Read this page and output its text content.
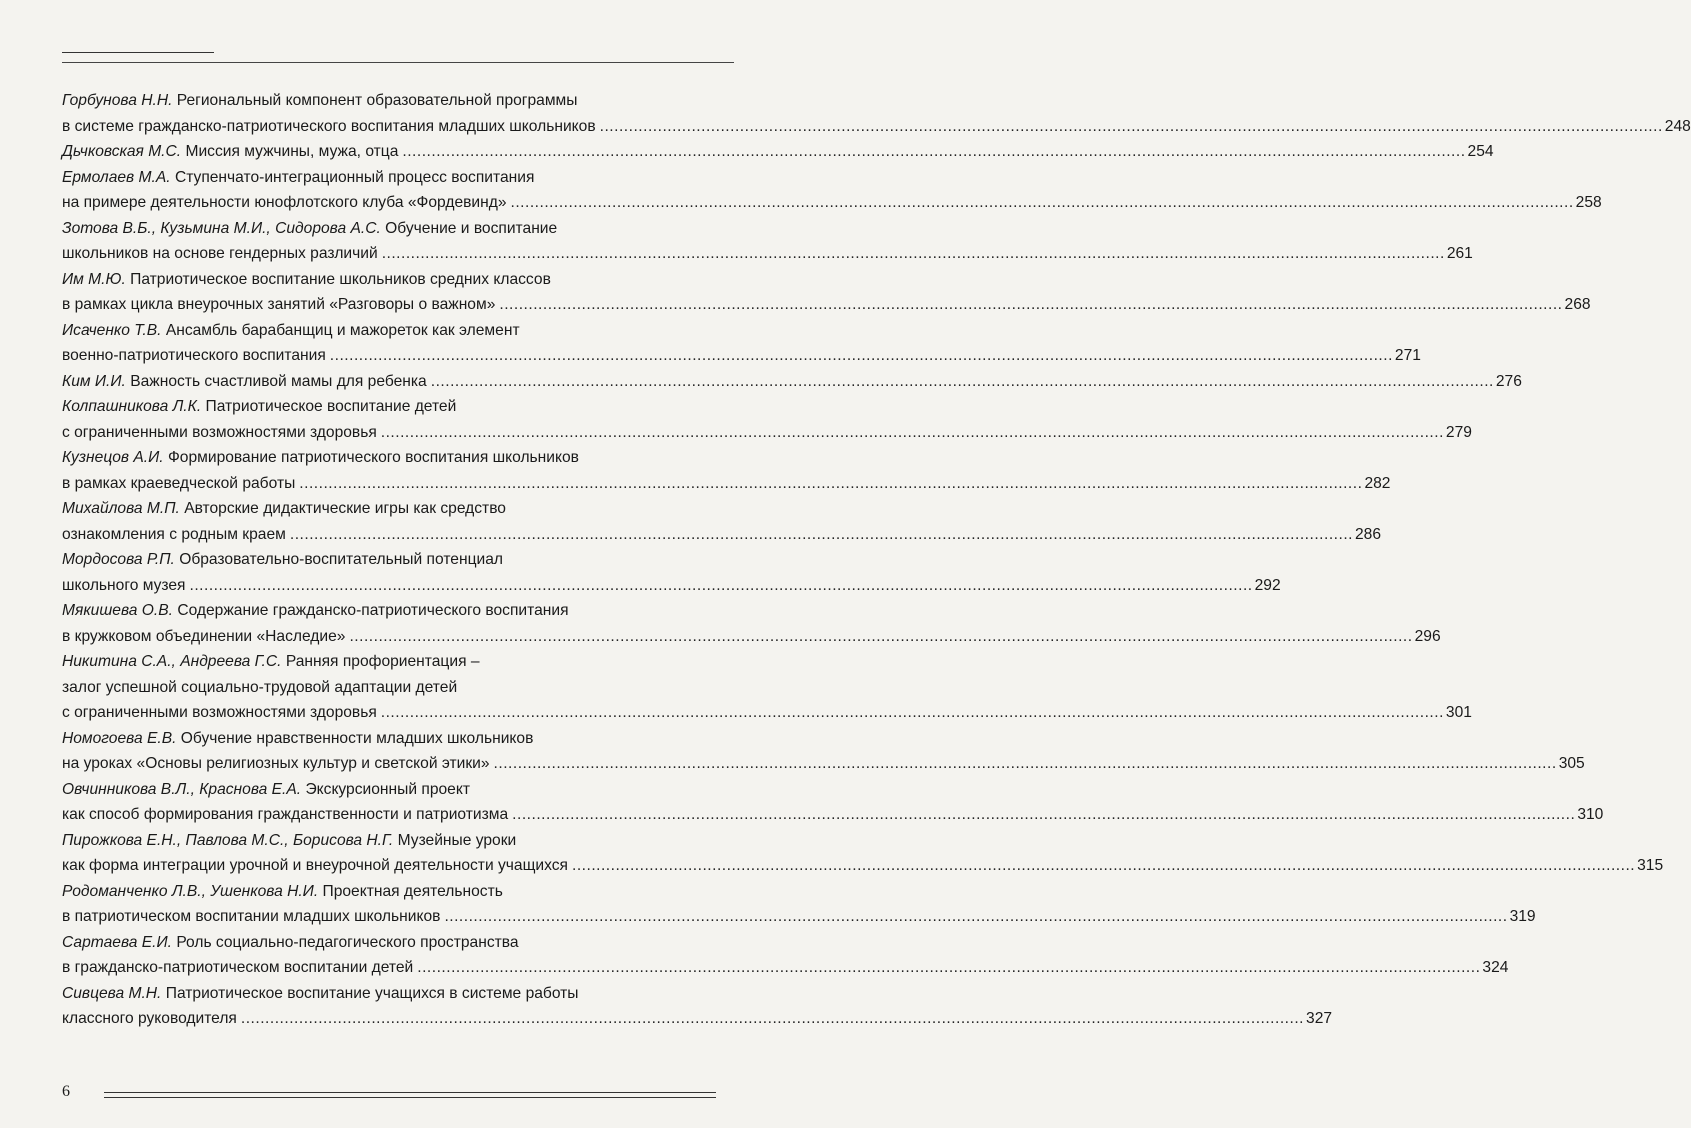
Горбунова Н.Н. Региональный компонент образовательной программы
в системе гражданско-патриотического воспитания младших школьников ............................................................................................................................................................................................................................ 248
Дьчковская М.С. Миссия мужчины, мужа, отца ............................................................................................................................................................................................................................ 254
Ермолаев М.А. Ступенчато-интеграционный процесс воспитания
на примере деятельности юнофлотского клуба «Фордевинд» ............................................................................................................................................................................................................................ 258
Зотова В.Б., Кузьмина М.И., Сидорова А.С. Обучение и воспитание
школьников на основе гендерных различий ............................................................................................................................................................................................................................ 261
Им М.Ю. Патриотическое воспитание школьников средних классов
в рамках цикла внеурочных занятий «Разговоры о важном» ............................................................................................................................................................................................................................ 268
Исаченко Т.В. Ансамбль барабанщиц и мажореток как элемент
военно-патриотического воспитания ............................................................................................................................................................................................................................ 271
Ким И.И. Важность счастливой мамы для ребенка ............................................................................................................................................................................................................................ 276
Колпашникова Л.К. Патриотическое воспитание детей
с ограниченными возможностями здоровья ............................................................................................................................................................................................................................ 279
Кузнецов А.И. Формирование патриотического воспитания школьников
в рамках краеведческой работы ............................................................................................................................................................................................................................ 282
Михайлова М.П. Авторские дидактические игры как средство
ознакомления с родным краем ............................................................................................................................................................................................................................ 286
Мордосова Р.П. Образовательно-воспитательный потенциал
школьного музея ............................................................................................................................................................................................................................ 292
Мякишева О.В. Содержание гражданско-патриотического воспитания
в кружковом объединении «Наследие» ............................................................................................................................................................................................................................ 296
Никитина С.А., Андреева Г.С. Ранняя профориентация –
залог успешной социально-трудовой адаптации детей
с ограниченными возможностями здоровья ............................................................................................................................................................................................................................ 301
Номогоева Е.В. Обучение нравственности младших школьников
на уроках «Основы религиозных культур и светской этики» ............................................................................................................................................................................................................................ 305
Овчинникова В.Л., Краснова Е.А. Экскурсионный проект
как способ формирования гражданственности и патриотизма ............................................................................................................................................................................................................................ 310
Пирожкова Е.Н., Павлова М.С., Борисова Н.Г. Музейные уроки
как форма интеграции урочной и внеурочной деятельности учащихся ............................................................................................................................................................................................................................ 315
Родоманченко Л.В., Ушенкова Н.И. Проектная деятельность
в патриотическом воспитании младших школьников ............................................................................................................................................................................................................................ 319
Сартаева Е.И. Роль социально-педагогического пространства
в гражданско-патриотическом воспитании детей ............................................................................................................................................................................................................................ 324
Сивцева М.Н. Патриотическое воспитание учащихся в системе работы
классного руководителя ............................................................................................................................................................................................................................ 327
6
